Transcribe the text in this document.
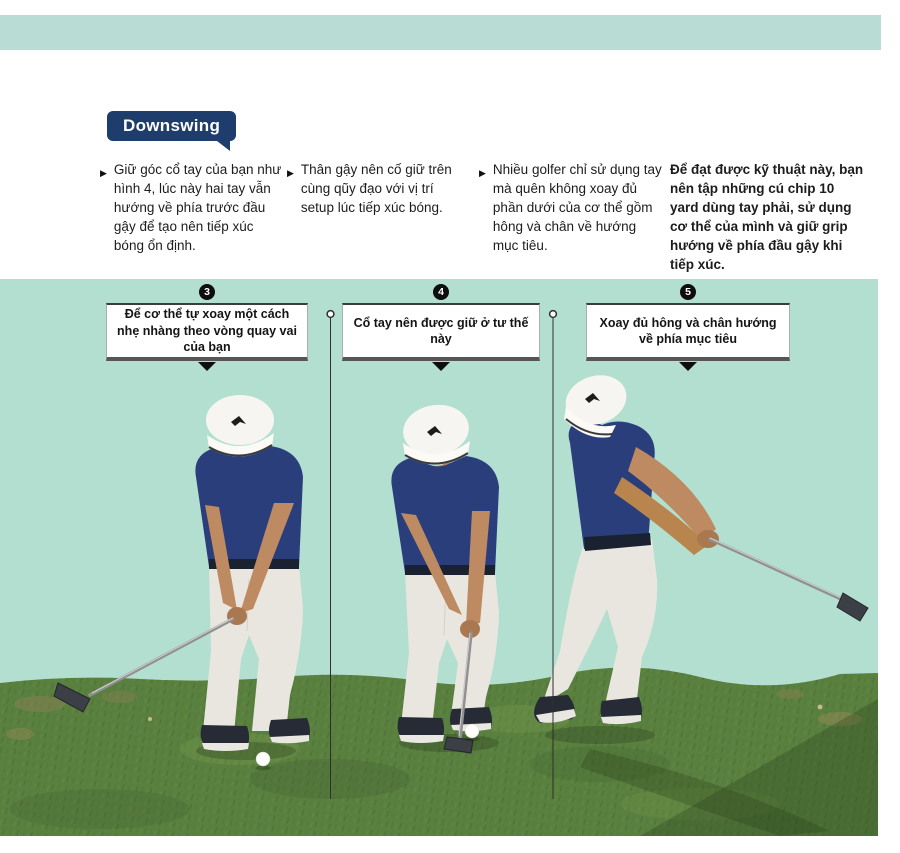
Downswing
▶ Giữ góc cổ tay của bạn như hình 4, lúc này hai tay vẫn hướng về phía trước đầu gậy để tạo nên tiếp xúc bóng ổn định.
▶ Thân gậy nên cố giữ trên cùng qũy đạo với vị trí setup lúc tiếp xúc bóng.
▶ Nhiều golfer chỉ sử dụng tay mà quên không xoay đủ phần dưới của cơ thể gồm hông và chân về hướng mục tiêu.
Để đạt được kỹ thuật này, bạn nên tập những cú chip 10 yard dùng tay phải, sử dụng cơ thể của mình và giữ grip hướng về phía đầu gậy khi tiếp xúc.
3
Để cơ thể tự xoay một cách nhẹ nhàng theo vòng quay vai của bạn
4
Cổ tay nên được giữ ở tư thế này
5
Xoay đủ hông và chân hướng về phía mục tiêu
